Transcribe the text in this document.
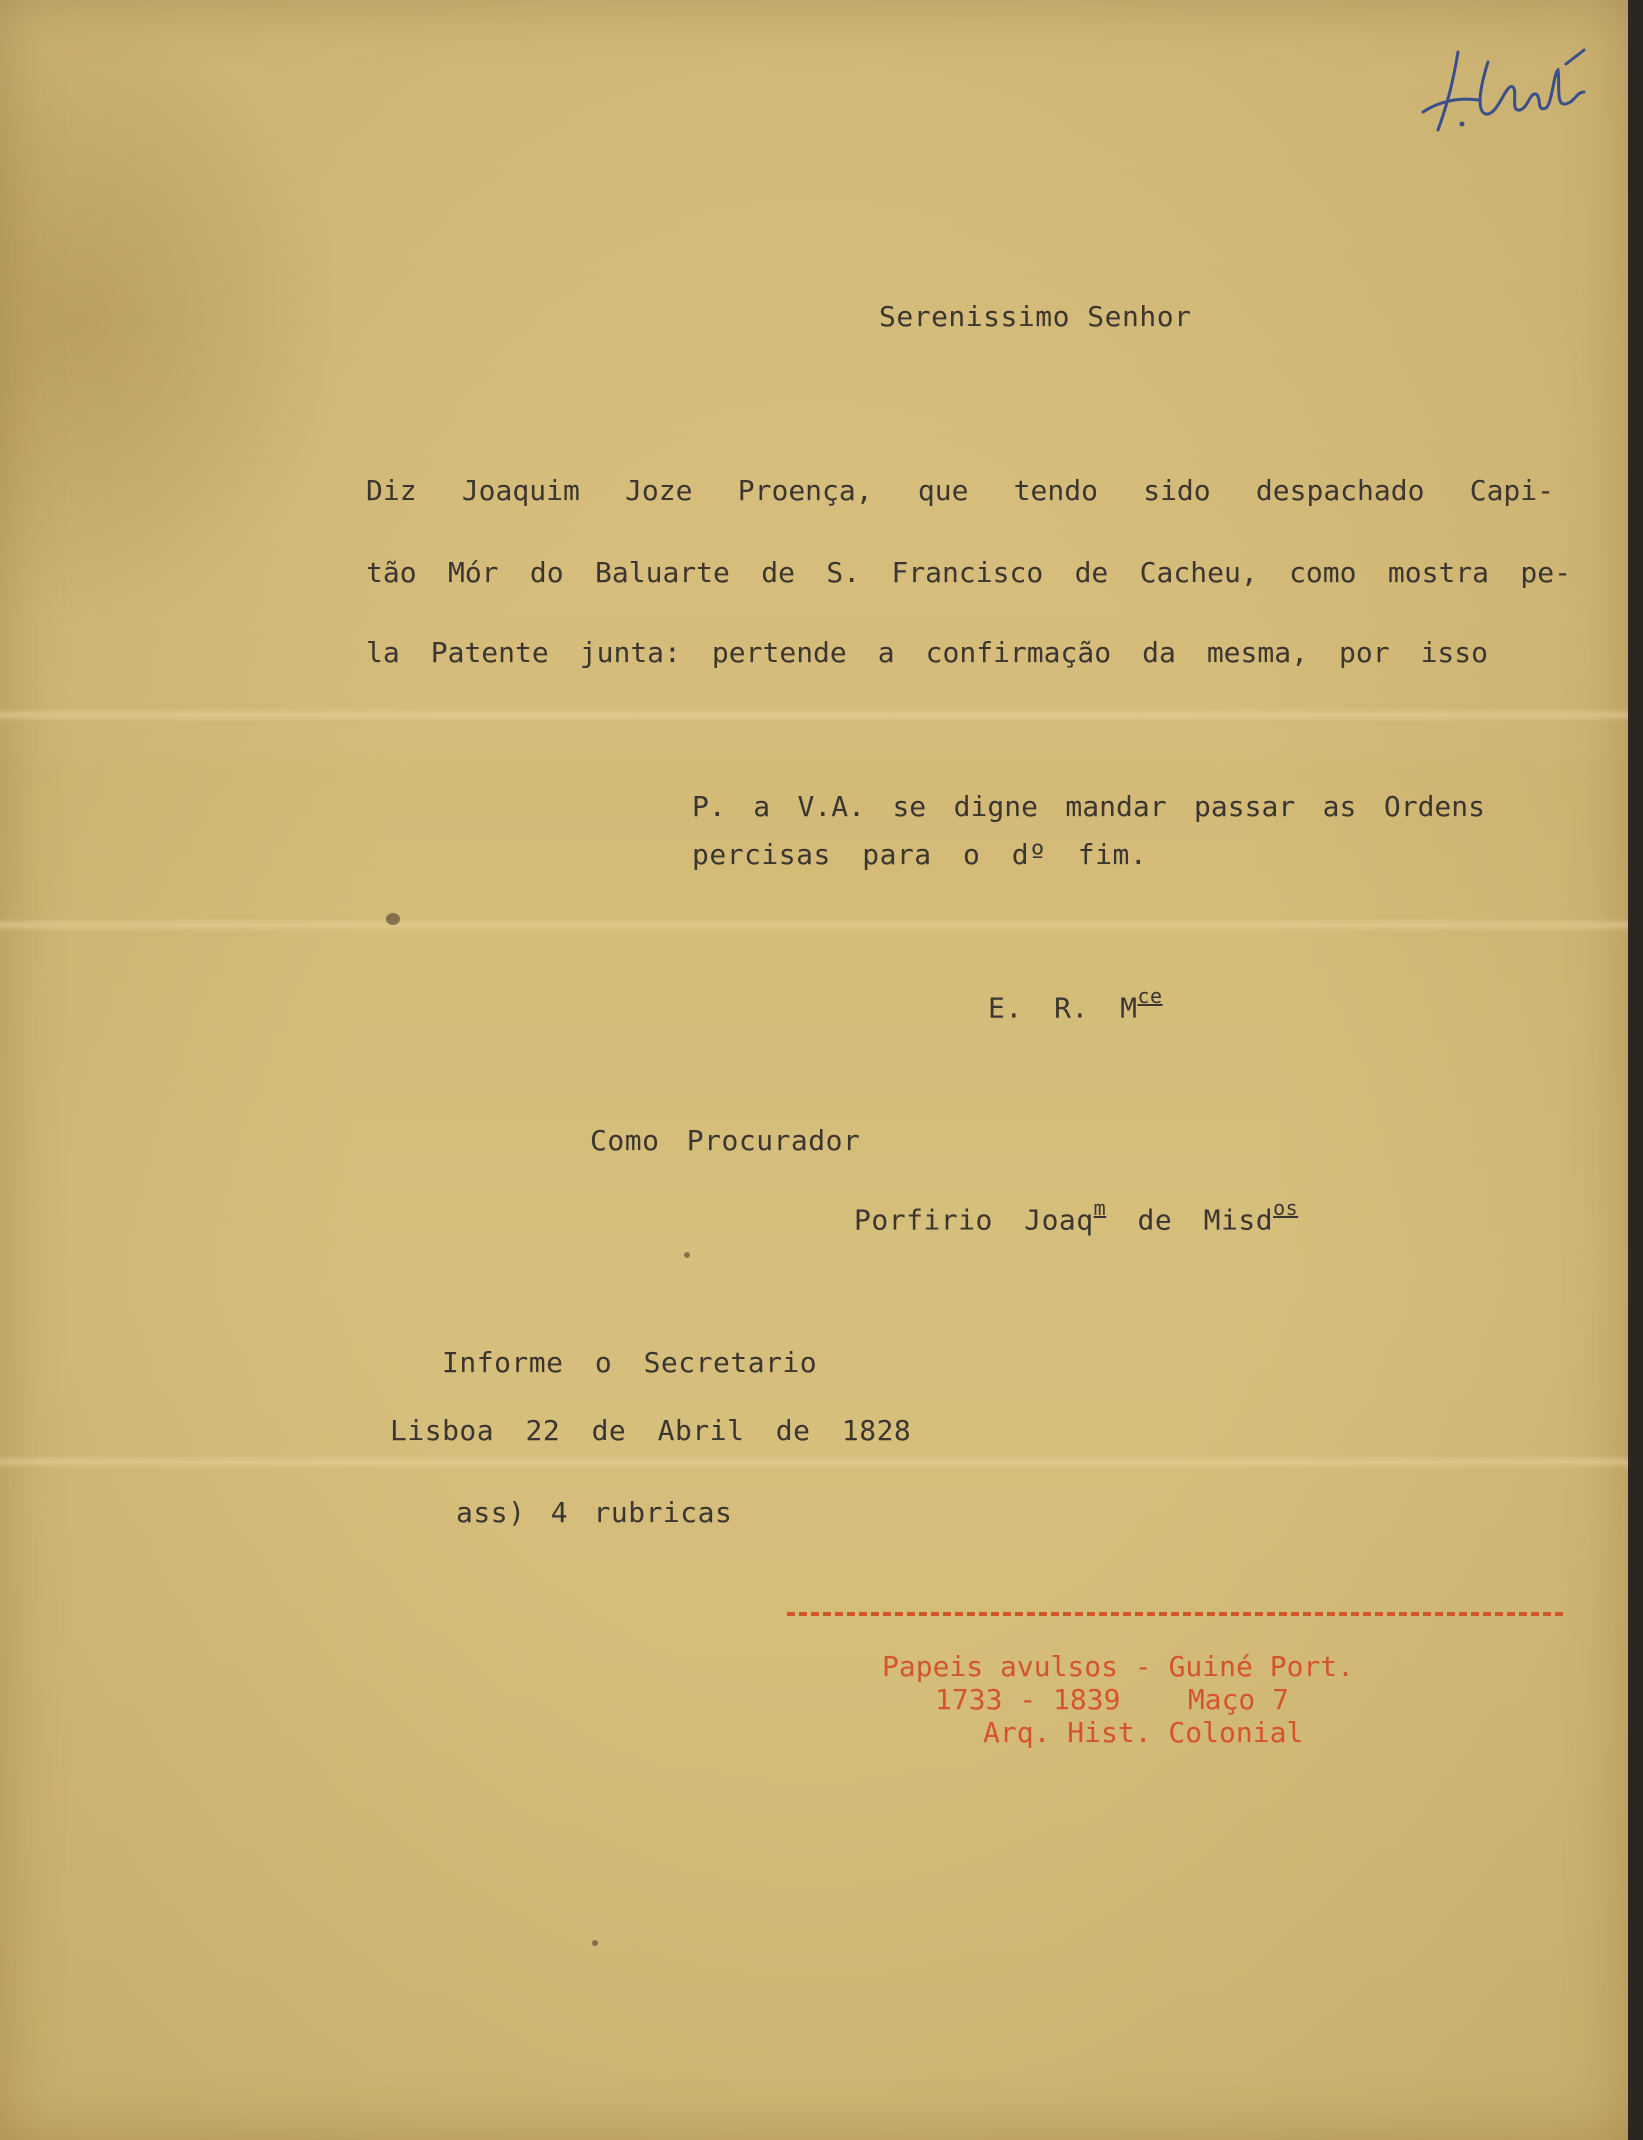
Serenissimo Senhor

Diz Joaquim Joze Proença, que tendo sido despachado Capi-

tão Mór do Baluarte de S. Francisco de Cacheu, como mostra pe-

la Patente junta: pertende a confirmação da mesma, por isso

P. a V.A. se digne mandar passar as Ordens

percisas para o dº fim.

E. R. $M^{ce}$

Como Procurador

Porfirio Joaq$^m$ de Misd$^{os}$

Informe o Secretario

Lisboa 22 de Abril de 1828

ass) 4 rubricas

Papeis avulsos - Guiné Port.

1733 - 1839    Maço 7

Arq. Hist. Colonial
